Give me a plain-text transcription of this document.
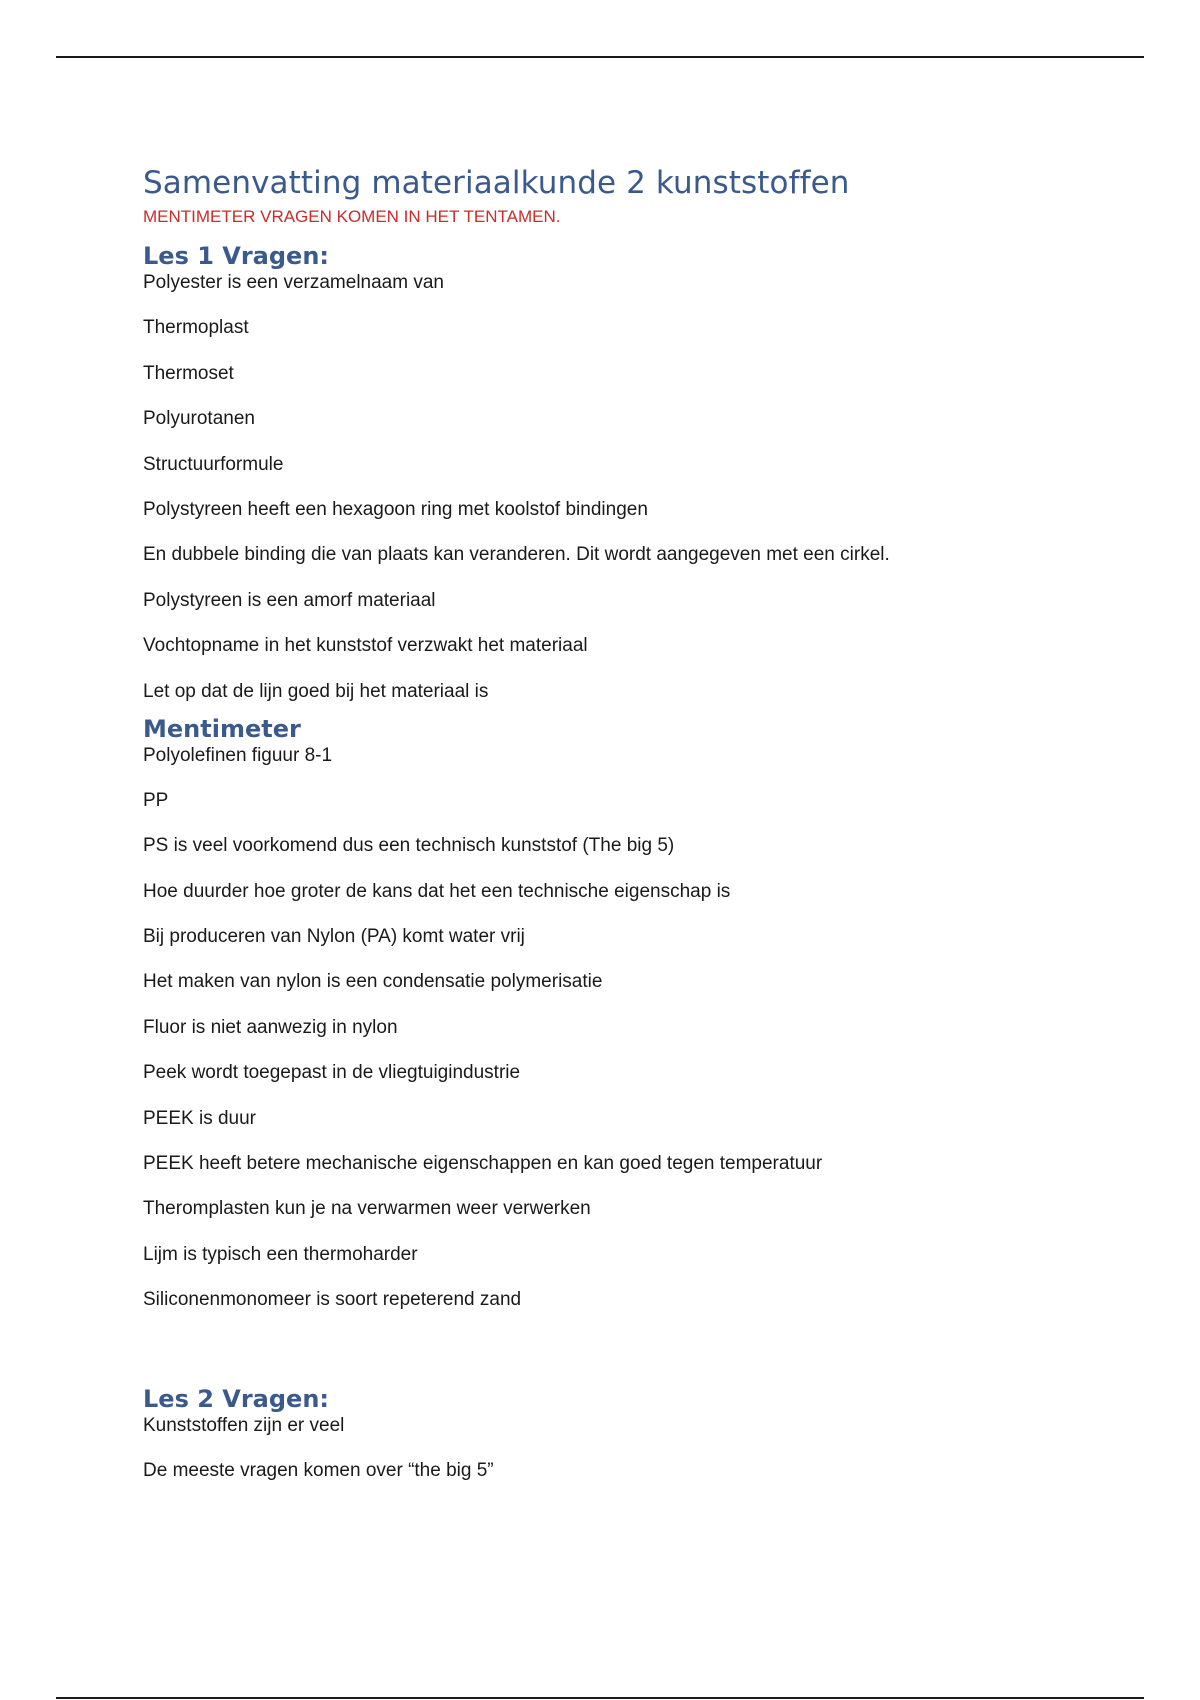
Samenvatting materiaalkunde 2 kunststoffen

MENTIMETER VRAGEN KOMEN IN HET TENTAMEN.

Les 1 Vragen:

Polyester is een verzamelnaam van

Thermoplast

Thermoset

Polyurotanen

Structuurformule

Polystyreen heeft een hexagoon ring met koolstof bindingen

En dubbele binding die van plaats kan veranderen. Dit wordt aangegeven met een cirkel.

Polystyreen is een amorf materiaal

Vochtopname in het kunststof verzwakt het materiaal

Let op dat de lijn goed bij het materiaal is

Mentimeter

Polyolefinen figuur 8-1

PP

PS is veel voorkomend dus een technisch kunststof (The big 5)

Hoe duurder hoe groter de kans dat het een technische eigenschap is

Bij produceren van Nylon (PA) komt water vrij

Het maken van nylon is een condensatie polymerisatie

Fluor is niet aanwezig in nylon

Peek wordt toegepast in de vliegtuigindustrie

PEEK is duur

PEEK heeft betere mechanische eigenschappen en kan goed tegen temperatuur

Theromplasten kun je na verwarmen weer verwerken

Lijm is typisch een thermoharder

Siliconenmonomeer is soort repeterend zand

Les 2 Vragen:

Kunststoffen zijn er veel

De meeste vragen komen over “the big 5”
